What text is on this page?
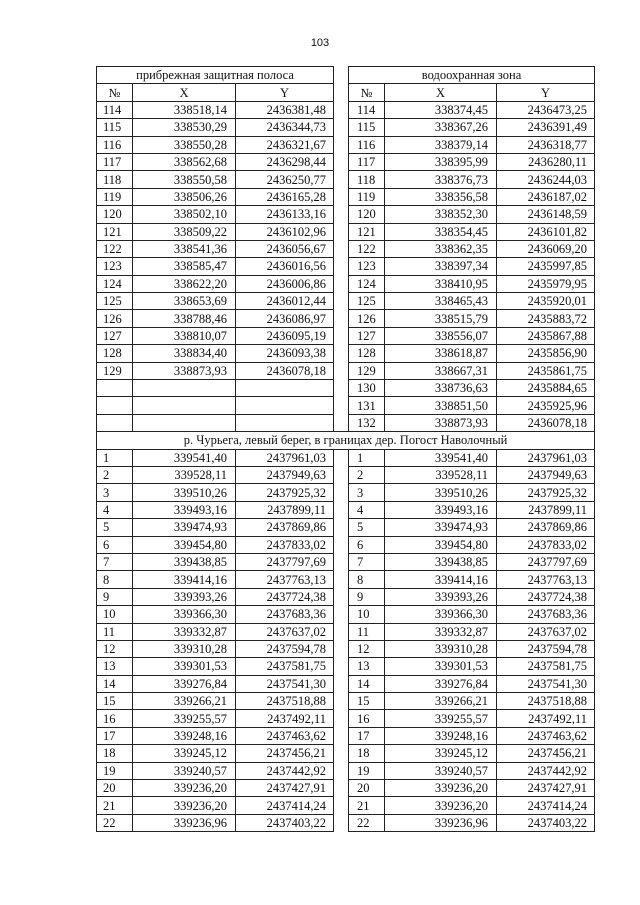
103
прибрежная защитная полоса				водоохранная зона		
№	X	Y		№	X	Y
114	338518,14	2436381,48		114	338374,45	2436473,25
115	338530,29	2436344,73		115	338367,26	2436391,49
116	338550,28	2436321,67		116	338379,14	2436318,77
117	338562,68	2436298,44		117	338395,99	2436280,11
118	338550,58	2436250,77		118	338376,73	2436244,03
119	338506,26	2436165,28		119	338356,58	2436187,02
120	338502,10	2436133,16		120	338352,30	2436148,59
121	338509,22	2436102,96		121	338354,45	2436101,82
122	338541,36	2436056,67		122	338362,35	2436069,20
123	338585,47	2436016,56		123	338397,34	2435997,85
124	338622,20	2436006,86		124	338410,95	2435979,95
125	338653,69	2436012,44		125	338465,43	2435920,01
126	338788,46	2436086,97		126	338515,79	2435883,72
127	338810,07	2436095,19		127	338556,07	2435867,88
128	338834,40	2436093,38		128	338618,87	2435856,90
129	338873,93	2436078,18		129	338667,31	2435861,75
				130	338736,63	2435884,65
				131	338851,50	2435925,96
				132	338873,93	2436078,18
р. Чурьега, левый берег, в границах дер. Погост Наволочный						
1	339541,40	2437961,03		1	339541,40	2437961,03
2	339528,11	2437949,63		2	339528,11	2437949,63
3	339510,26	2437925,32		3	339510,26	2437925,32
4	339493,16	2437899,11		4	339493,16	2437899,11
5	339474,93	2437869,86		5	339474,93	2437869,86
6	339454,80	2437833,02		6	339454,80	2437833,02
7	339438,85	2437797,69		7	339438,85	2437797,69
8	339414,16	2437763,13		8	339414,16	2437763,13
9	339393,26	2437724,38		9	339393,26	2437724,38
10	339366,30	2437683,36		10	339366,30	2437683,36
11	339332,87	2437637,02		11	339332,87	2437637,02
12	339310,28	2437594,78		12	339310,28	2437594,78
13	339301,53	2437581,75		13	339301,53	2437581,75
14	339276,84	2437541,30		14	339276,84	2437541,30
15	339266,21	2437518,88		15	339266,21	2437518,88
16	339255,57	2437492,11		16	339255,57	2437492,11
17	339248,16	2437463,62		17	339248,16	2437463,62
18	339245,12	2437456,21		18	339245,12	2437456,21
19	339240,57	2437442,92		19	339240,57	2437442,92
20	339236,20	2437427,91		20	339236,20	2437427,91
21	339236,20	2437414,24		21	339236,20	2437414,24
22	339236,96	2437403,22		22	339236,96	2437403,22
